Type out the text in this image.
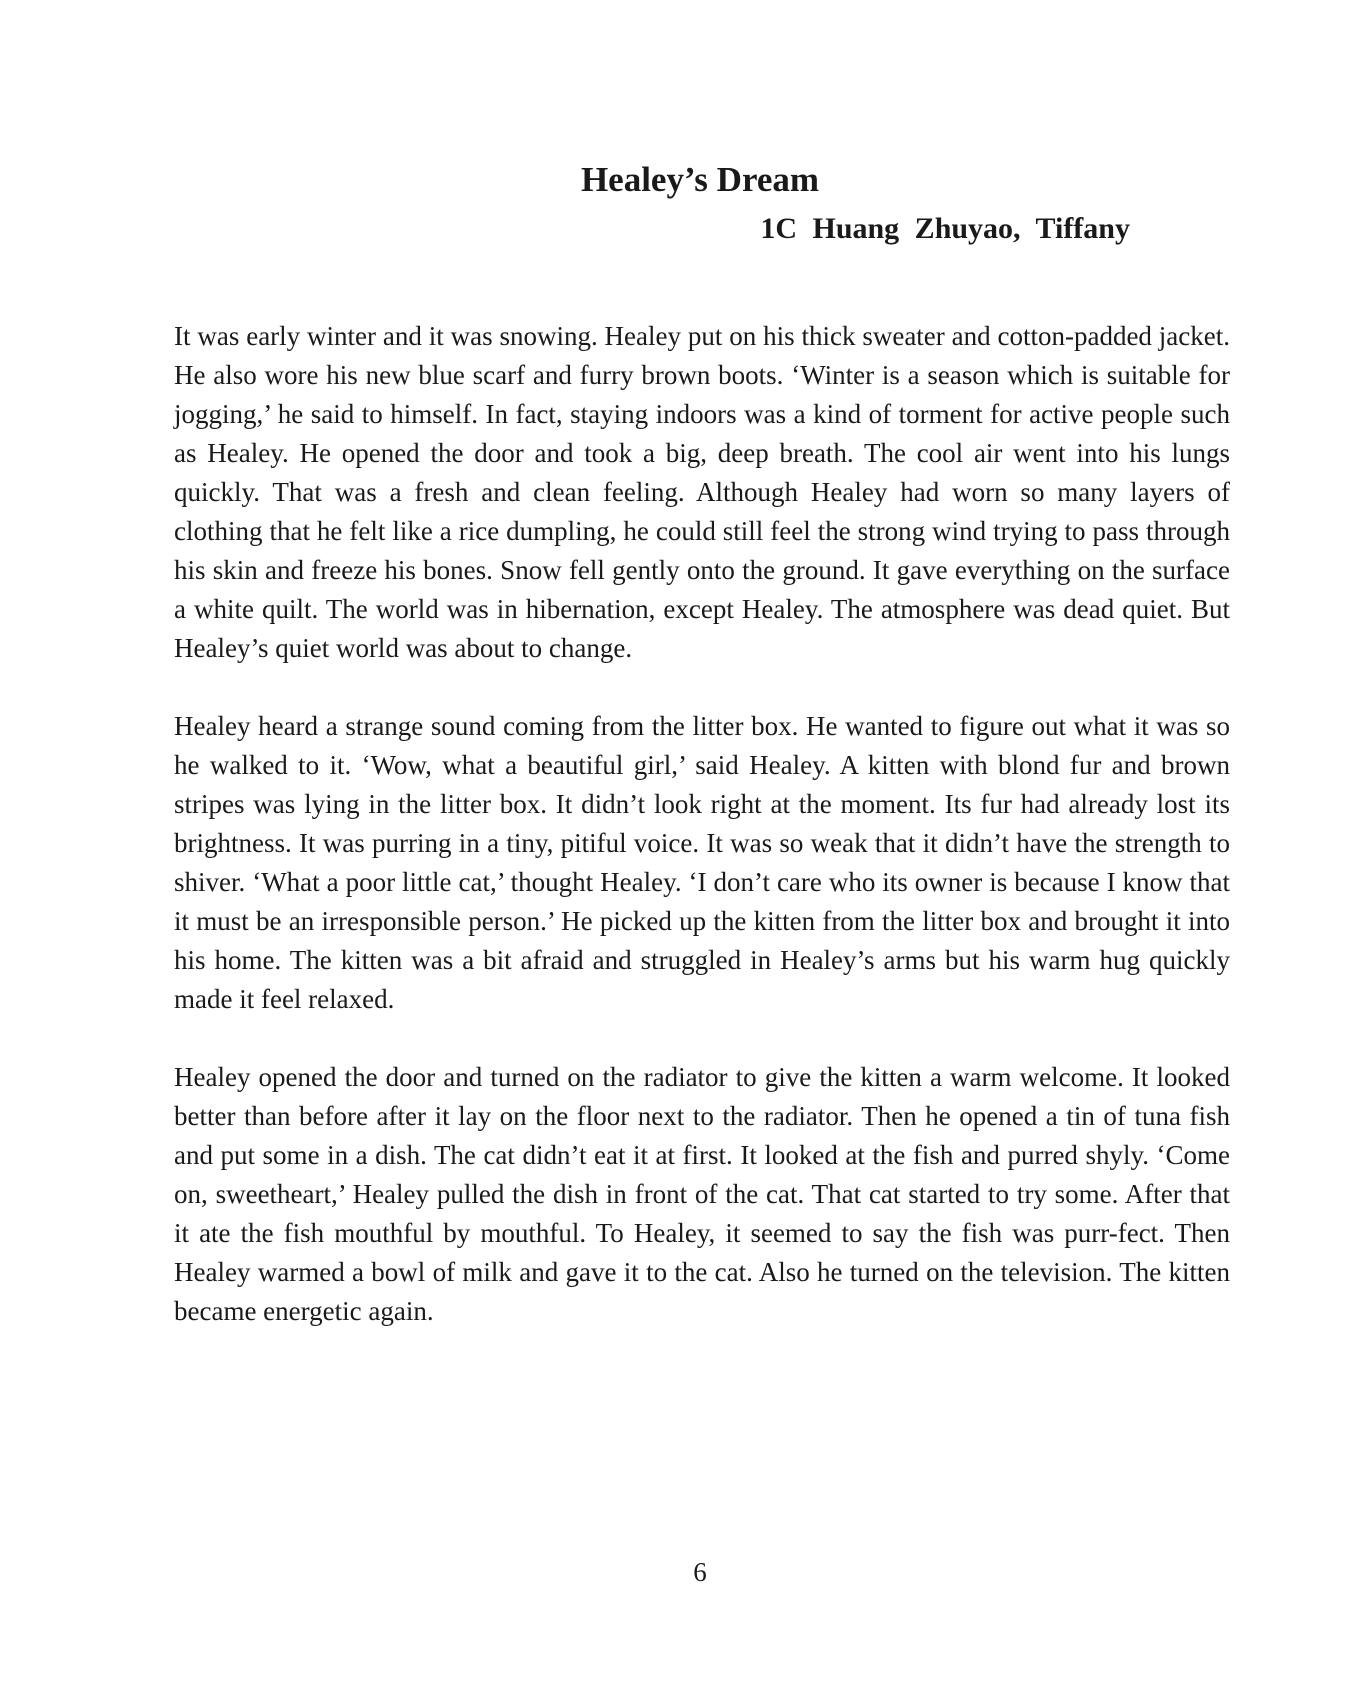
Healey’s Dream
1C Huang Zhuyao, Tiffany

It was early winter and it was snowing. Healey put on his thick sweater and cotton-padded jacket. He also wore his new blue scarf and furry brown boots. ‘Winter is a season which is suitable for jogging,’ he said to himself. In fact, staying indoors was a kind of torment for active people such as Healey. He opened the door and took a big, deep breath. The cool air went into his lungs quickly. That was a fresh and clean feeling. Although Healey had worn so many layers of clothing that he felt like a rice dumpling, he could still feel the strong wind trying to pass through his skin and freeze his bones. Snow fell gently onto the ground. It gave everything on the surface a white quilt. The world was in hibernation, except Healey. The atmosphere was dead quiet. But Healey’s quiet world was about to change.

Healey heard a strange sound coming from the litter box. He wanted to figure out what it was so he walked to it. ‘Wow, what a beautiful girl,’ said Healey. A kitten with blond fur and brown stripes was lying in the litter box. It didn’t look right at the moment. Its fur had already lost its brightness. It was purring in a tiny, pitiful voice. It was so weak that it didn’t have the strength to shiver. ‘What a poor little cat,’ thought Healey. ‘I don’t care who its owner is because I know that it must be an irresponsible person.’ He picked up the kitten from the litter box and brought it into his home. The kitten was a bit afraid and struggled in Healey’s arms but his warm hug quickly made it feel relaxed.

Healey opened the door and turned on the radiator to give the kitten a warm welcome. It looked better than before after it lay on the floor next to the radiator. Then he opened a tin of tuna fish and put some in a dish. The cat didn’t eat it at first. It looked at the fish and purred shyly. ‘Come on, sweetheart,’ Healey pulled the dish in front of the cat. That cat started to try some. After that it ate the fish mouthful by mouthful. To Healey, it seemed to say the fish was purr-fect. Then Healey warmed a bowl of milk and gave it to the cat. Also he turned on the television. The kitten became energetic again.

6
